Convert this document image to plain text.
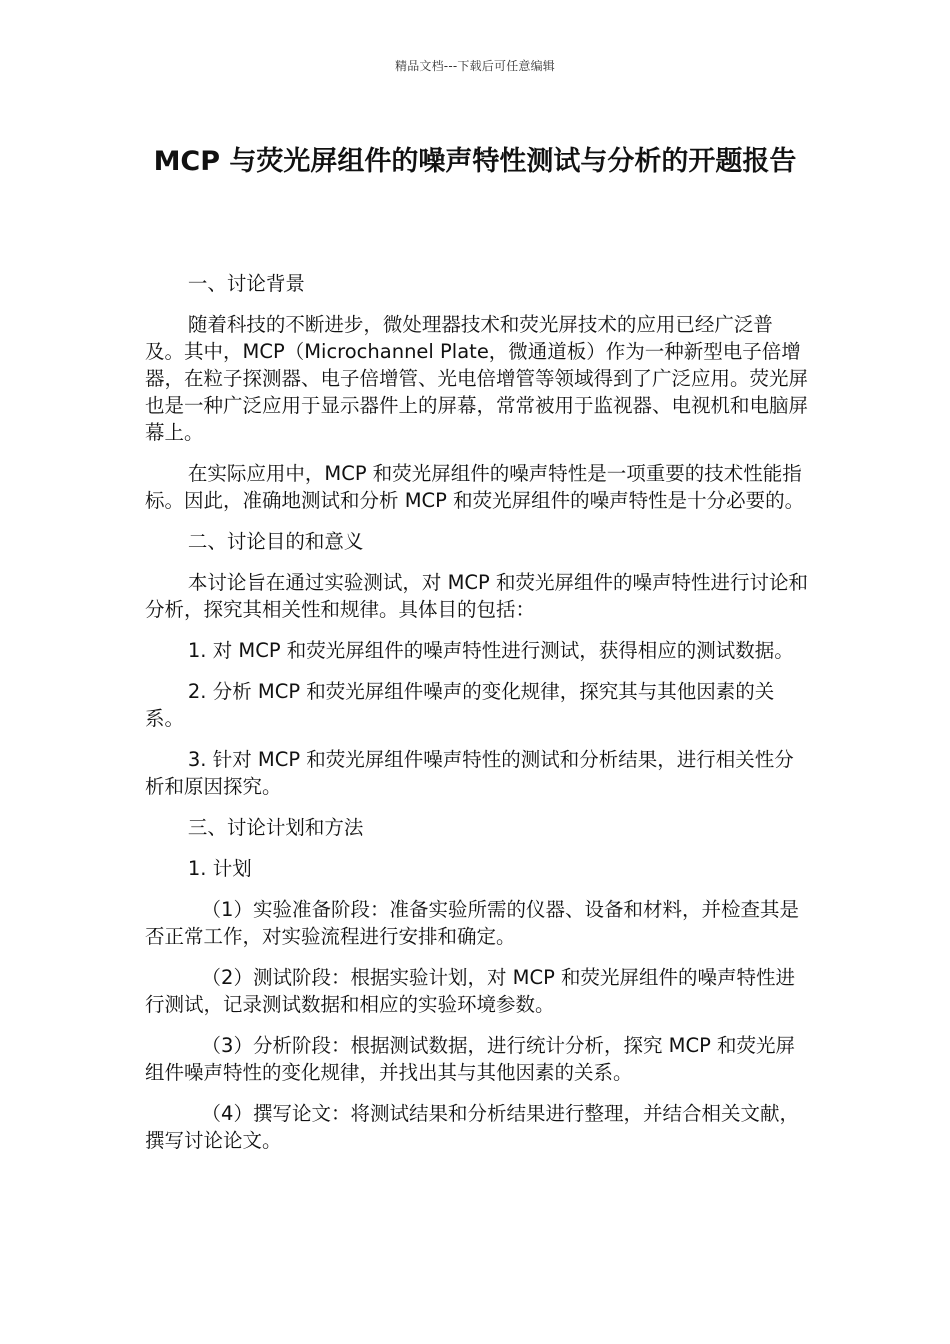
精品文档---下载后可任意编辑
MCP 与荧光屏组件的噪声特性测试与分析的开题报告

一、讨论背景

随着科技的不断进步，微处理器技术和荧光屏技术的应用已经广泛普及。其中，MCP（Microchannel Plate，微通道板）作为一种新型电子倍增器，在粒子探测器、电子倍增管、光电倍增管等领域得到了广泛应用。荧光屏也是一种广泛应用于显示器件上的屏幕，常常被用于监视器、电视机和电脑屏幕上。

在实际应用中，MCP 和荧光屏组件的噪声特性是一项重要的技术性能指标。因此，准确地测试和分析 MCP 和荧光屏组件的噪声特性是十分必要的。

二、讨论目的和意义

本讨论旨在通过实验测试，对 MCP 和荧光屏组件的噪声特性进行讨论和分析，探究其相关性和规律。具体目的包括：

1. 对 MCP 和荧光屏组件的噪声特性进行测试，获得相应的测试数据。

2. 分析 MCP 和荧光屏组件噪声的变化规律，探究其与其他因素的关系。

3. 针对 MCP 和荧光屏组件噪声特性的测试和分析结果，进行相关性分析和原因探究。

三、讨论计划和方法

1. 计划

（1）实验准备阶段：准备实验所需的仪器、设备和材料，并检查其是否正常工作，对实验流程进行安排和确定。

（2）测试阶段：根据实验计划，对 MCP 和荧光屏组件的噪声特性进行测试，记录测试数据和相应的实验环境参数。

（3）分析阶段：根据测试数据，进行统计分析，探究 MCP 和荧光屏组件噪声特性的变化规律，并找出其与其他因素的关系。

（4）撰写论文：将测试结果和分析结果进行整理，并结合相关文献，撰写讨论论文。
